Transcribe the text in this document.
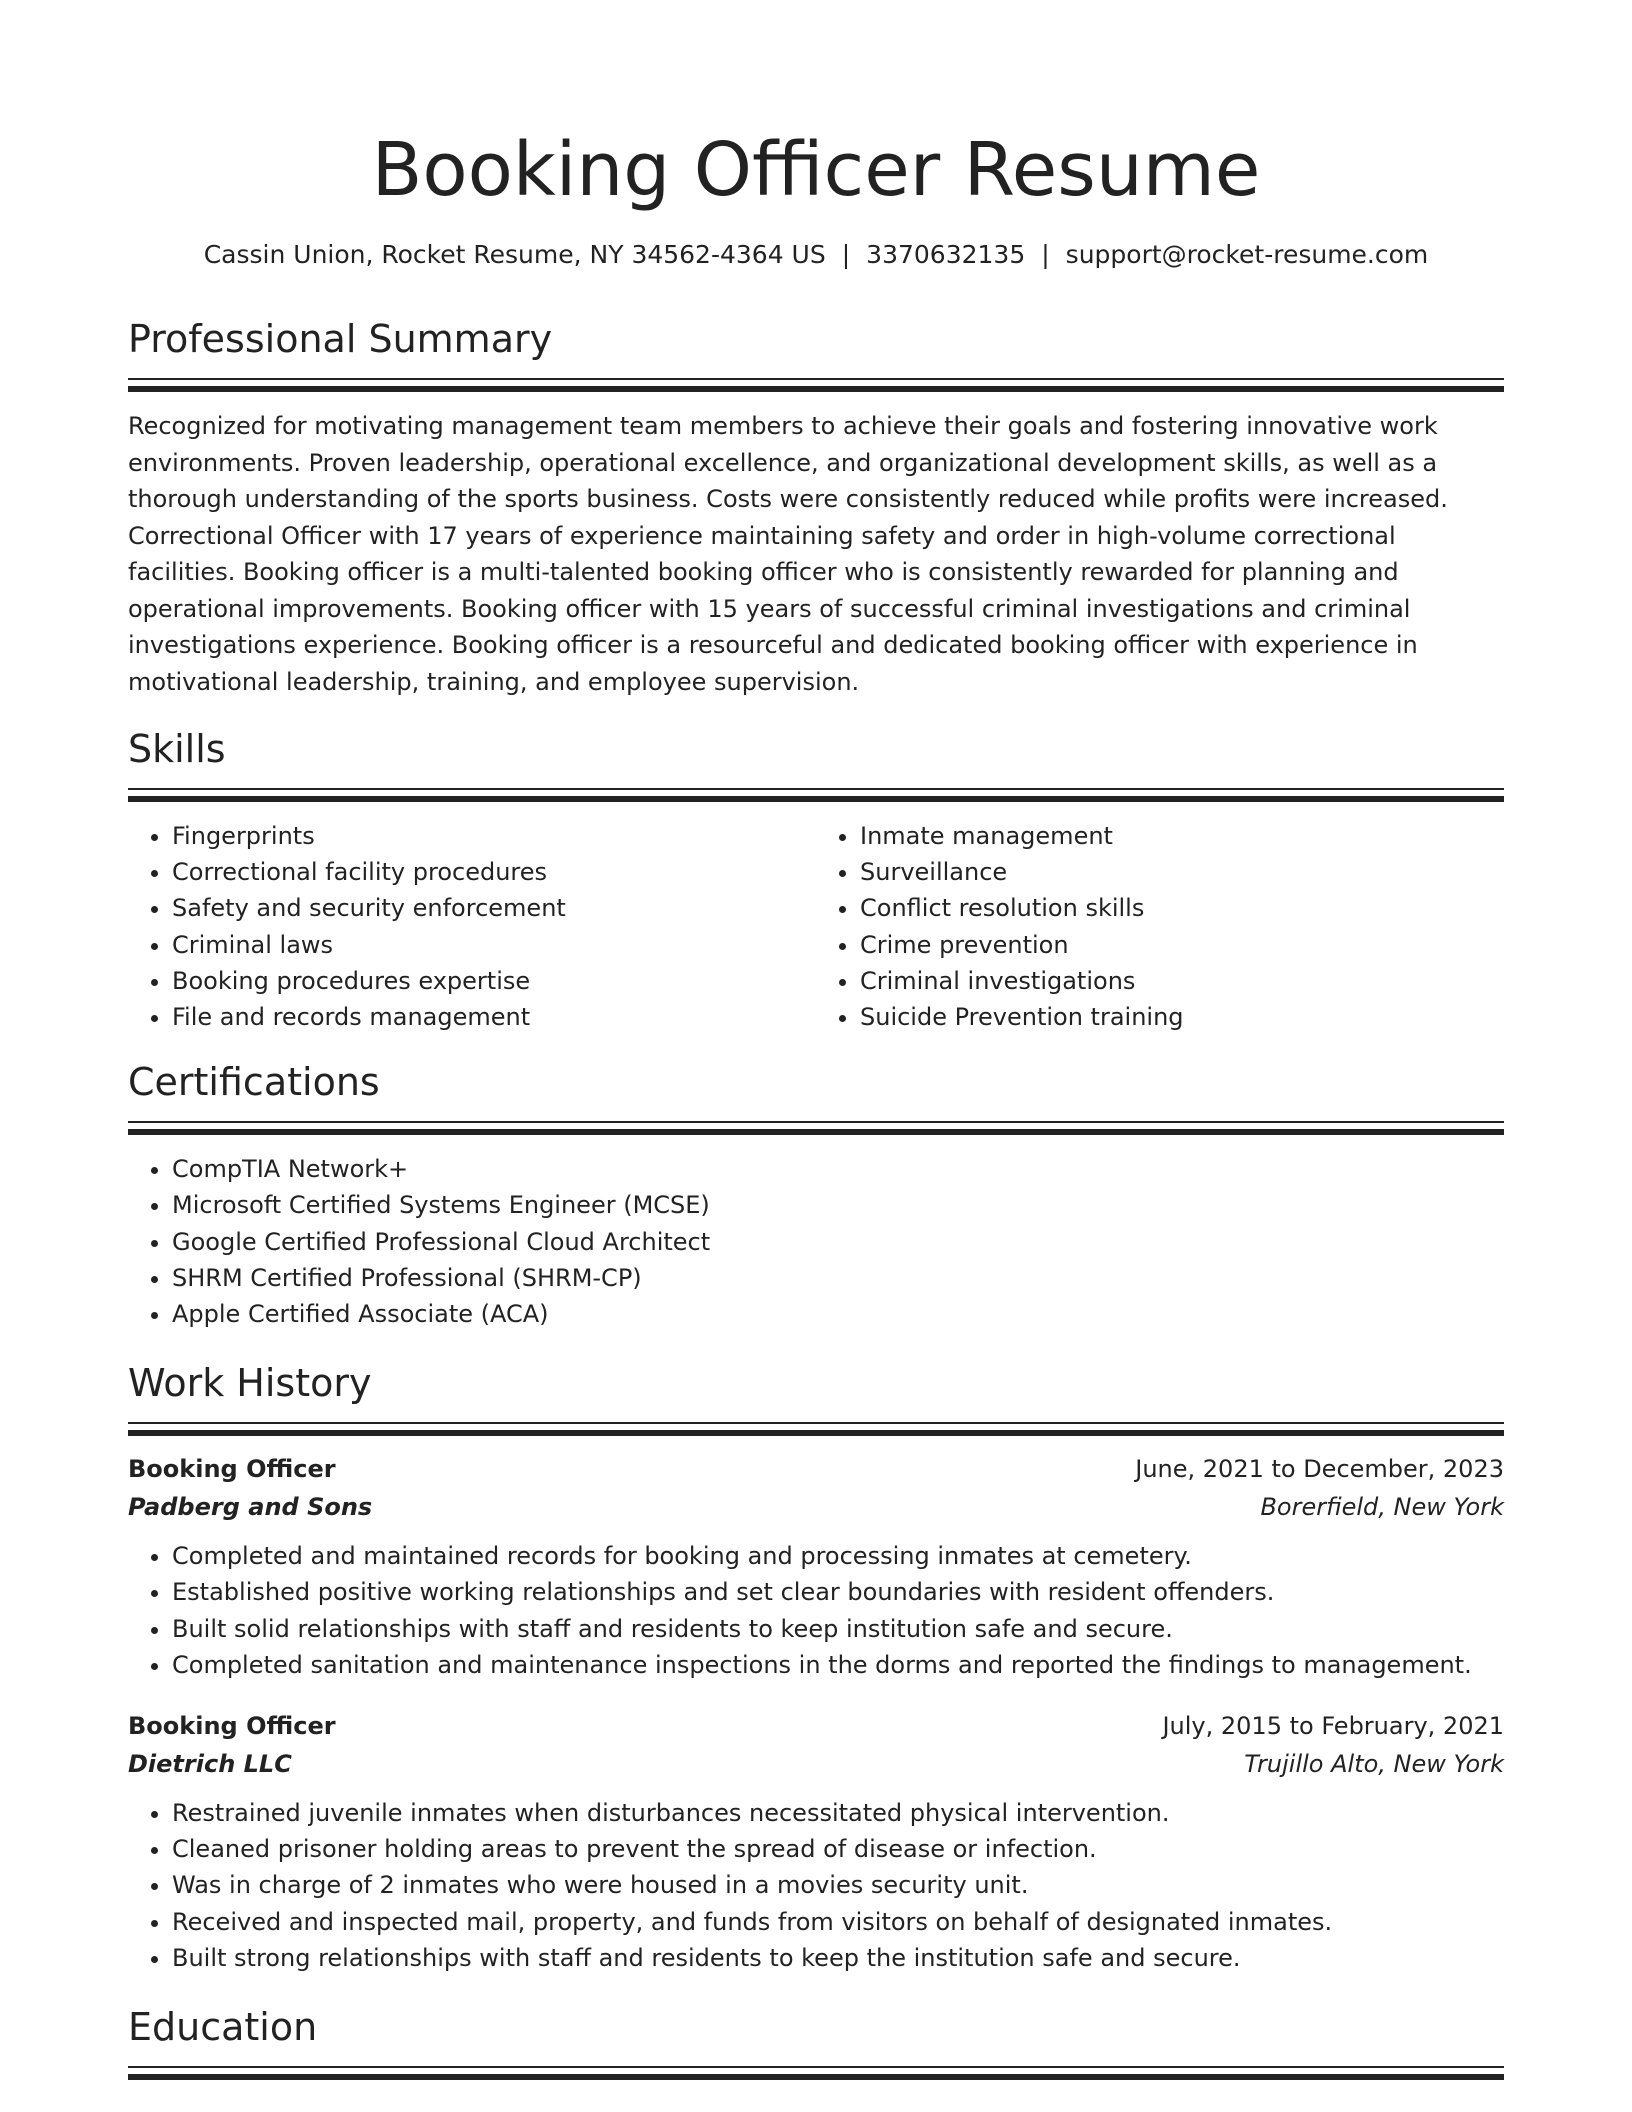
Booking Officer Resume
Cassin Union, Rocket Resume, NY 34562-4364 US | 3370632135 | support@rocket-resume.com
Professional Summary
Recognized for motivating management team members to achieve their goals and fostering innovative work environments. Proven leadership, operational excellence, and organizational development skills, as well as a thorough understanding of the sports business. Costs were consistently reduced while profits were increased. Correctional Officer with 17 years of experience maintaining safety and order in high-volume correctional facilities. Booking officer is a multi-talented booking officer who is consistently rewarded for planning and operational improvements. Booking officer with 15 years of successful criminal investigations and criminal investigations experience. Booking officer is a resourceful and dedicated booking officer with experience in motivational leadership, training, and employee supervision.
Skills
• Fingerprints
• Correctional facility procedures
• Safety and security enforcement
• Criminal laws
• Booking procedures expertise
• File and records management
• Inmate management
• Surveillance
• Conflict resolution skills
• Crime prevention
• Criminal investigations
• Suicide Prevention training
Certifications
• CompTIA Network+
• Microsoft Certified Systems Engineer (MCSE)
• Google Certified Professional Cloud Architect
• SHRM Certified Professional (SHRM-CP)
• Apple Certified Associate (ACA)
Work History
Booking Officer	June, 2021 to December, 2023
Padberg and Sons	Borerfield, New York
• Completed and maintained records for booking and processing inmates at cemetery.
• Established positive working relationships and set clear boundaries with resident offenders.
• Built solid relationships with staff and residents to keep institution safe and secure.
• Completed sanitation and maintenance inspections in the dorms and reported the findings to management.
Booking Officer	July, 2015 to February, 2021
Dietrich LLC	Trujillo Alto, New York
• Restrained juvenile inmates when disturbances necessitated physical intervention.
• Cleaned prisoner holding areas to prevent the spread of disease or infection.
• Was in charge of 2 inmates who were housed in a movies security unit.
• Received and inspected mail, property, and funds from visitors on behalf of designated inmates.
• Built strong relationships with staff and residents to keep the institution safe and secure.
Education
